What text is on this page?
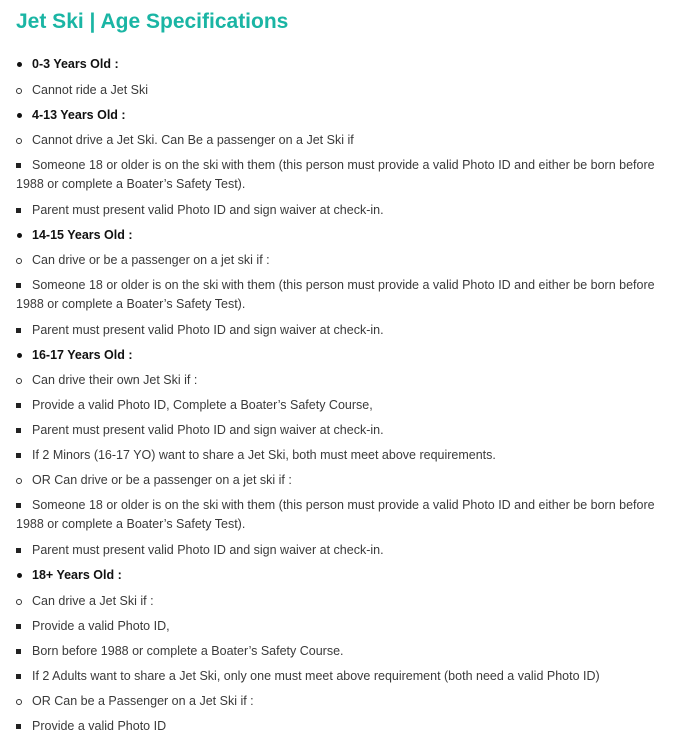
Jet Ski | Age Specifications
0-3 Years Old :
Cannot ride a Jet Ski
4-13 Years Old :
Cannot drive a Jet Ski. Can Be a passenger on a Jet Ski if
Someone 18 or older is on the ski with them (this person must provide a valid Photo ID and either be born before 1988 or complete a Boater’s Safety Test).
Parent must present valid Photo ID and sign waiver at check-in.
14-15 Years Old :
Can drive or be a passenger on a jet ski if :
Someone 18 or older is on the ski with them (this person must provide a valid Photo ID and either be born before 1988 or complete a Boater’s Safety Test).
Parent must present valid Photo ID and sign waiver at check-in.
16-17 Years Old :
Can drive their own Jet Ski if :
Provide a valid Photo ID, Complete a Boater’s Safety Course,
Parent must present valid Photo ID and sign waiver at check-in.
If 2 Minors (16-17 YO) want to share a Jet Ski, both must meet above requirements.
OR Can drive or be a passenger on a jet ski if :
Someone 18 or older is on the ski with them (this person must provide a valid Photo ID and either be born before 1988 or complete a Boater’s Safety Test).
Parent must present valid Photo ID and sign waiver at check-in.
18+ Years Old :
Can drive a Jet Ski if :
Provide a valid Photo ID,
Born before 1988 or complete a Boater’s Safety Course.
If 2 Adults want to share a Jet Ski, only one must meet above requirement (both need a valid Photo ID)
OR Can be a Passenger on a Jet Ski if :
Provide a valid Photo ID
